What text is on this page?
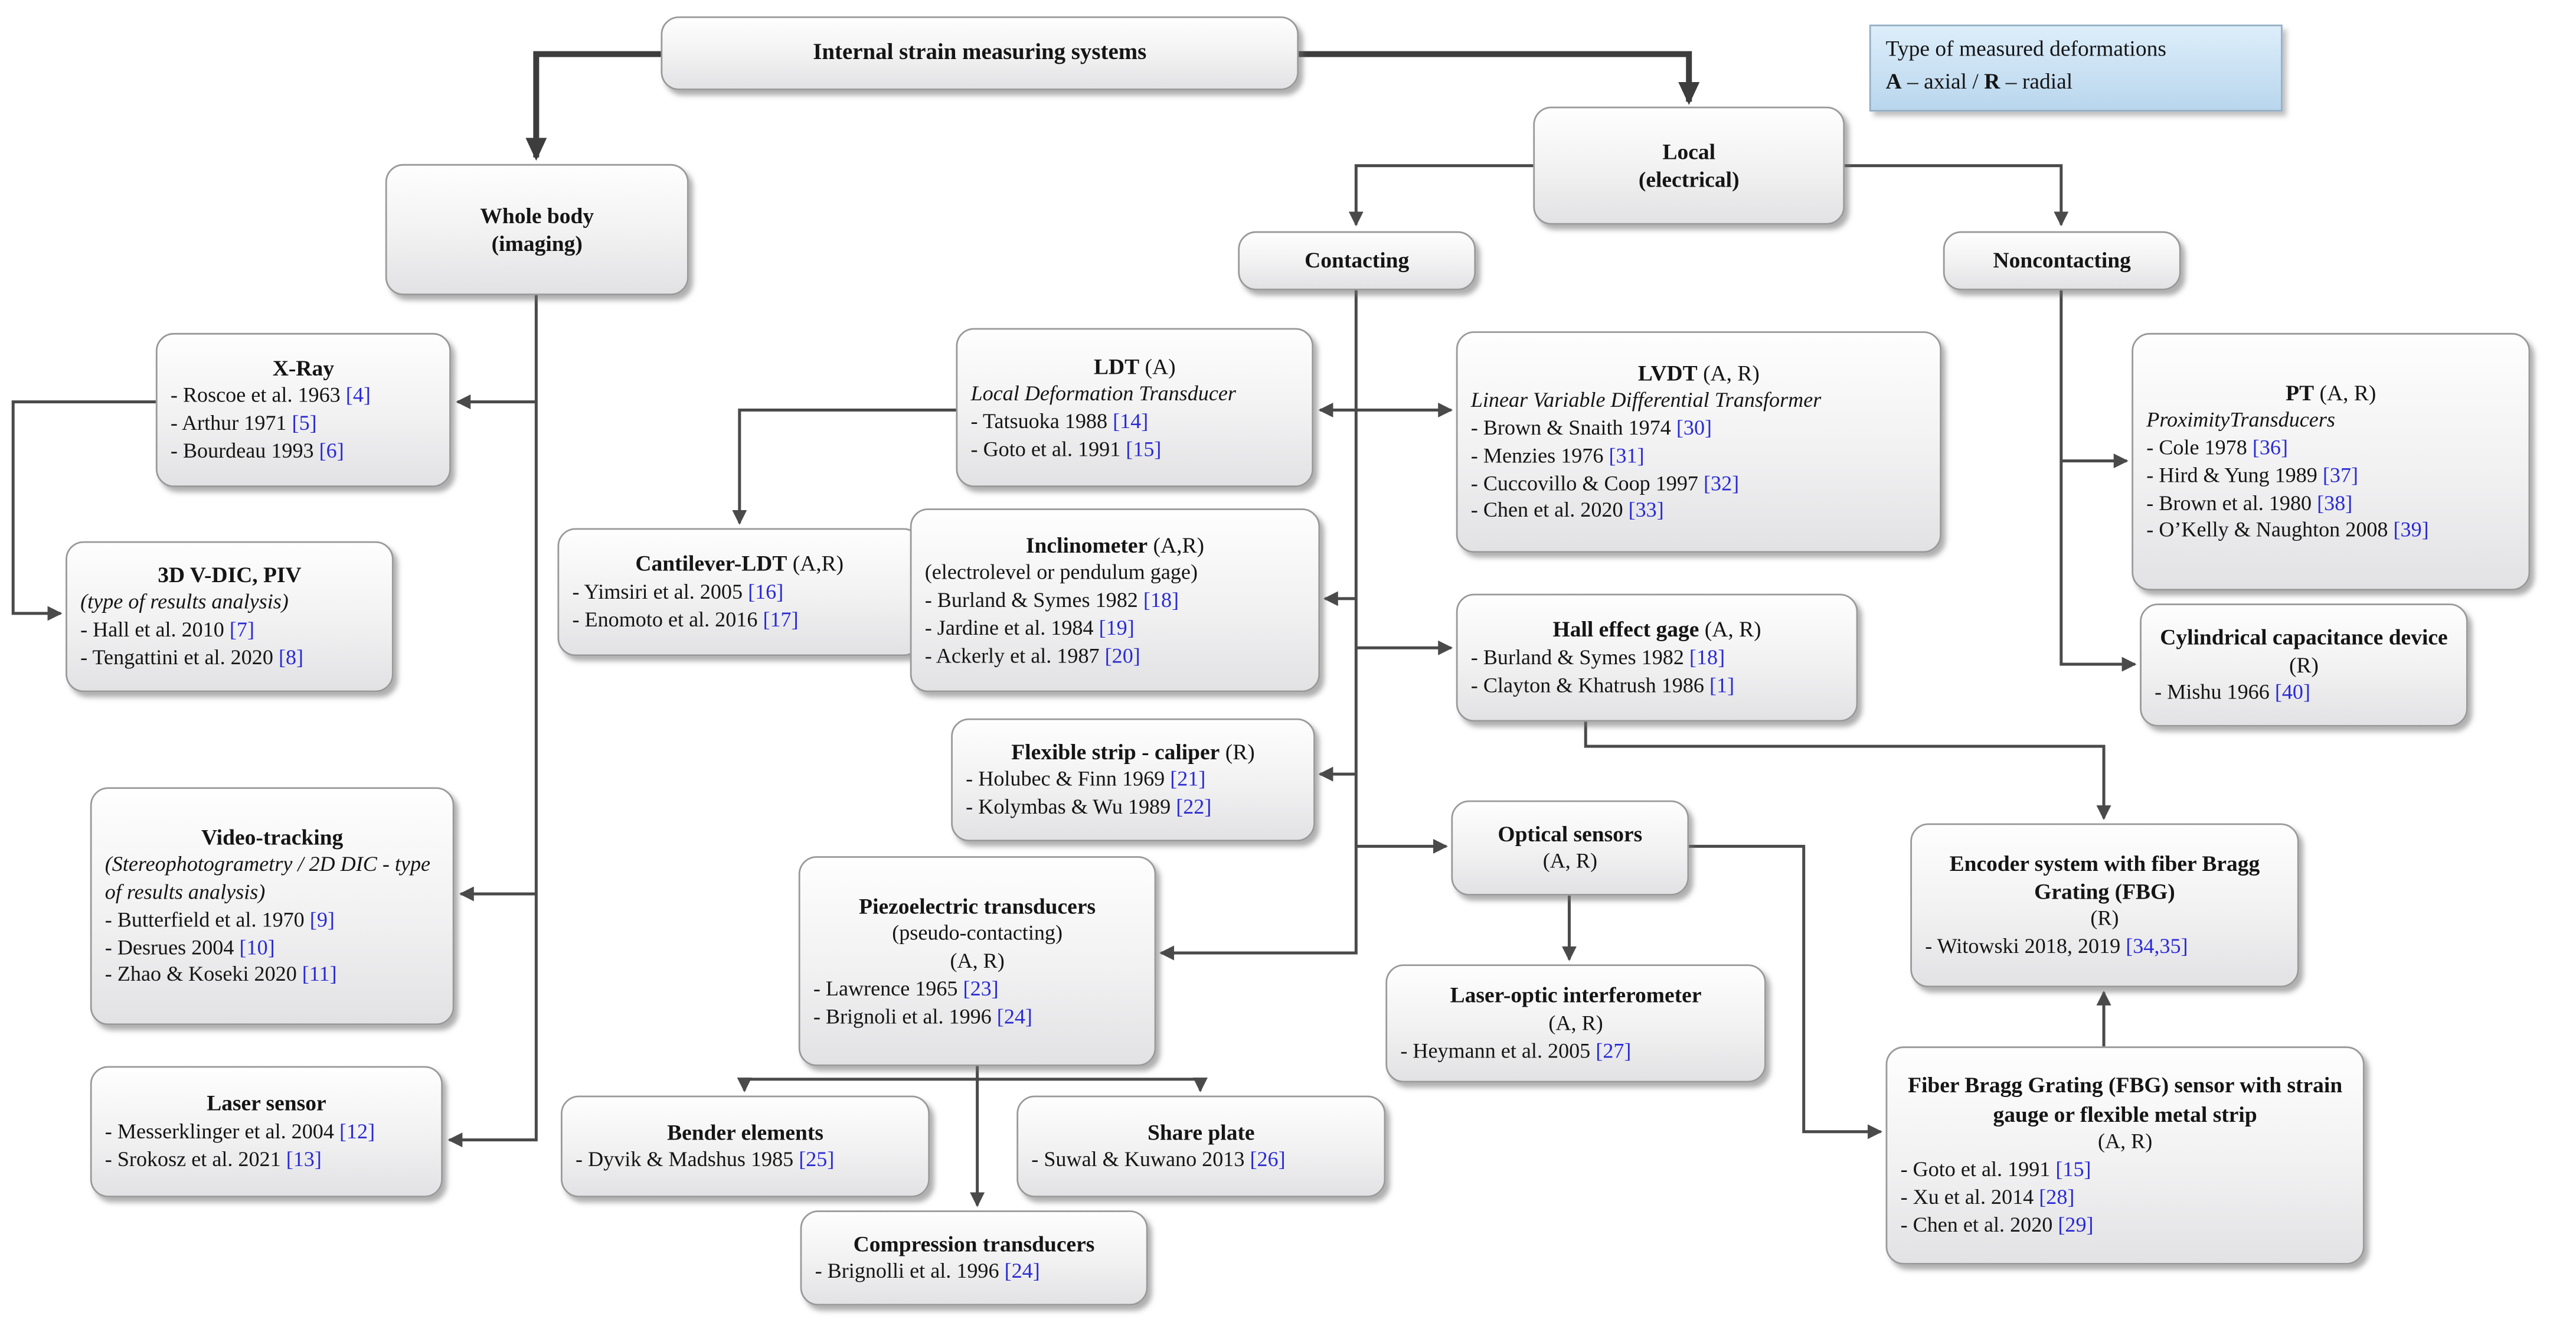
Type of measured deformations
A – axial / R – radial
Internal strain measuring systems
Whole body
(imaging)
Local
(electrical)
Contacting	Noncontacting
X-Ray
- Roscoe et al. 1963 [4]
- Arthur 1971 [5]
- Bourdeau 1993 [6]
3D V-DIC, PIV
(type of results analysis)
- Hall et al. 2010 [7]
- Tengattini et al. 2020 [8]
Video-tracking
(Stereophotogrametry / 2D DIC - type of results analysis)
- Butterfield et al. 1970 [9]
- Desrues 2004 [10]
- Zhao & Koseki 2020 [11]
Laser sensor
- Messerklinger et al. 2004 [12]
- Srokosz et al. 2021 [13]
LDT (A)
Local Deformation Transducer
- Tatsuoka 1988 [14]
- Goto et al. 1991 [15]
Cantilever-LDT (A,R)
- Yimsiri et al. 2005 [16]
- Enomoto et al. 2016 [17]
Inclinometer (A,R)
(electrolevel or pendulum gage)
- Burland & Symes 1982 [18]
- Jardine et al. 1984 [19]
- Ackerly et al. 1987 [20]
Flexible strip - caliper (R)
- Holubec & Finn 1969 [21]
- Kolymbas & Wu 1989 [22]
Piezoelectric transducers
(pseudo-contacting)
(A, R)
- Lawrence 1965 [23]
- Brignoli et al. 1996 [24]
Bender elements
- Dyvik & Madshus 1985 [25]
Share plate
- Suwal & Kuwano 2013 [26]
Compression transducers
- Brignolli et al. 1996 [24]
LVDT (A, R)
Linear Variable Differential Transformer
- Brown & Snaith 1974 [30]
- Menzies 1976 [31]
- Cuccovillo & Coop 1997 [32]
- Chen et al. 2020 [33]
Hall effect gage (A, R)
- Burland & Symes 1982 [18]
- Clayton & Khatrush 1986 [1]
Optical sensors
(A, R)
Laser-optic interferometer
(A, R)
- Heymann et al. 2005 [27]
PT (A, R)
ProximityTransducers
- Cole 1978 [36]
- Hird & Yung 1989 [37]
- Brown et al. 1980 [38]
- O’Kelly & Naughton 2008 [39]
Cylindrical capacitance device (R)
- Mishu 1966 [40]
Encoder system with fiber Bragg Grating (FBG)
(R)
- Witowski 2018, 2019 [34,35]
Fiber Bragg Grating (FBG) sensor with strain gauge or flexible metal strip
(A, R)
- Goto et al. 1991 [15]
- Xu et al. 2014 [28]
- Chen et al. 2020 [29]
